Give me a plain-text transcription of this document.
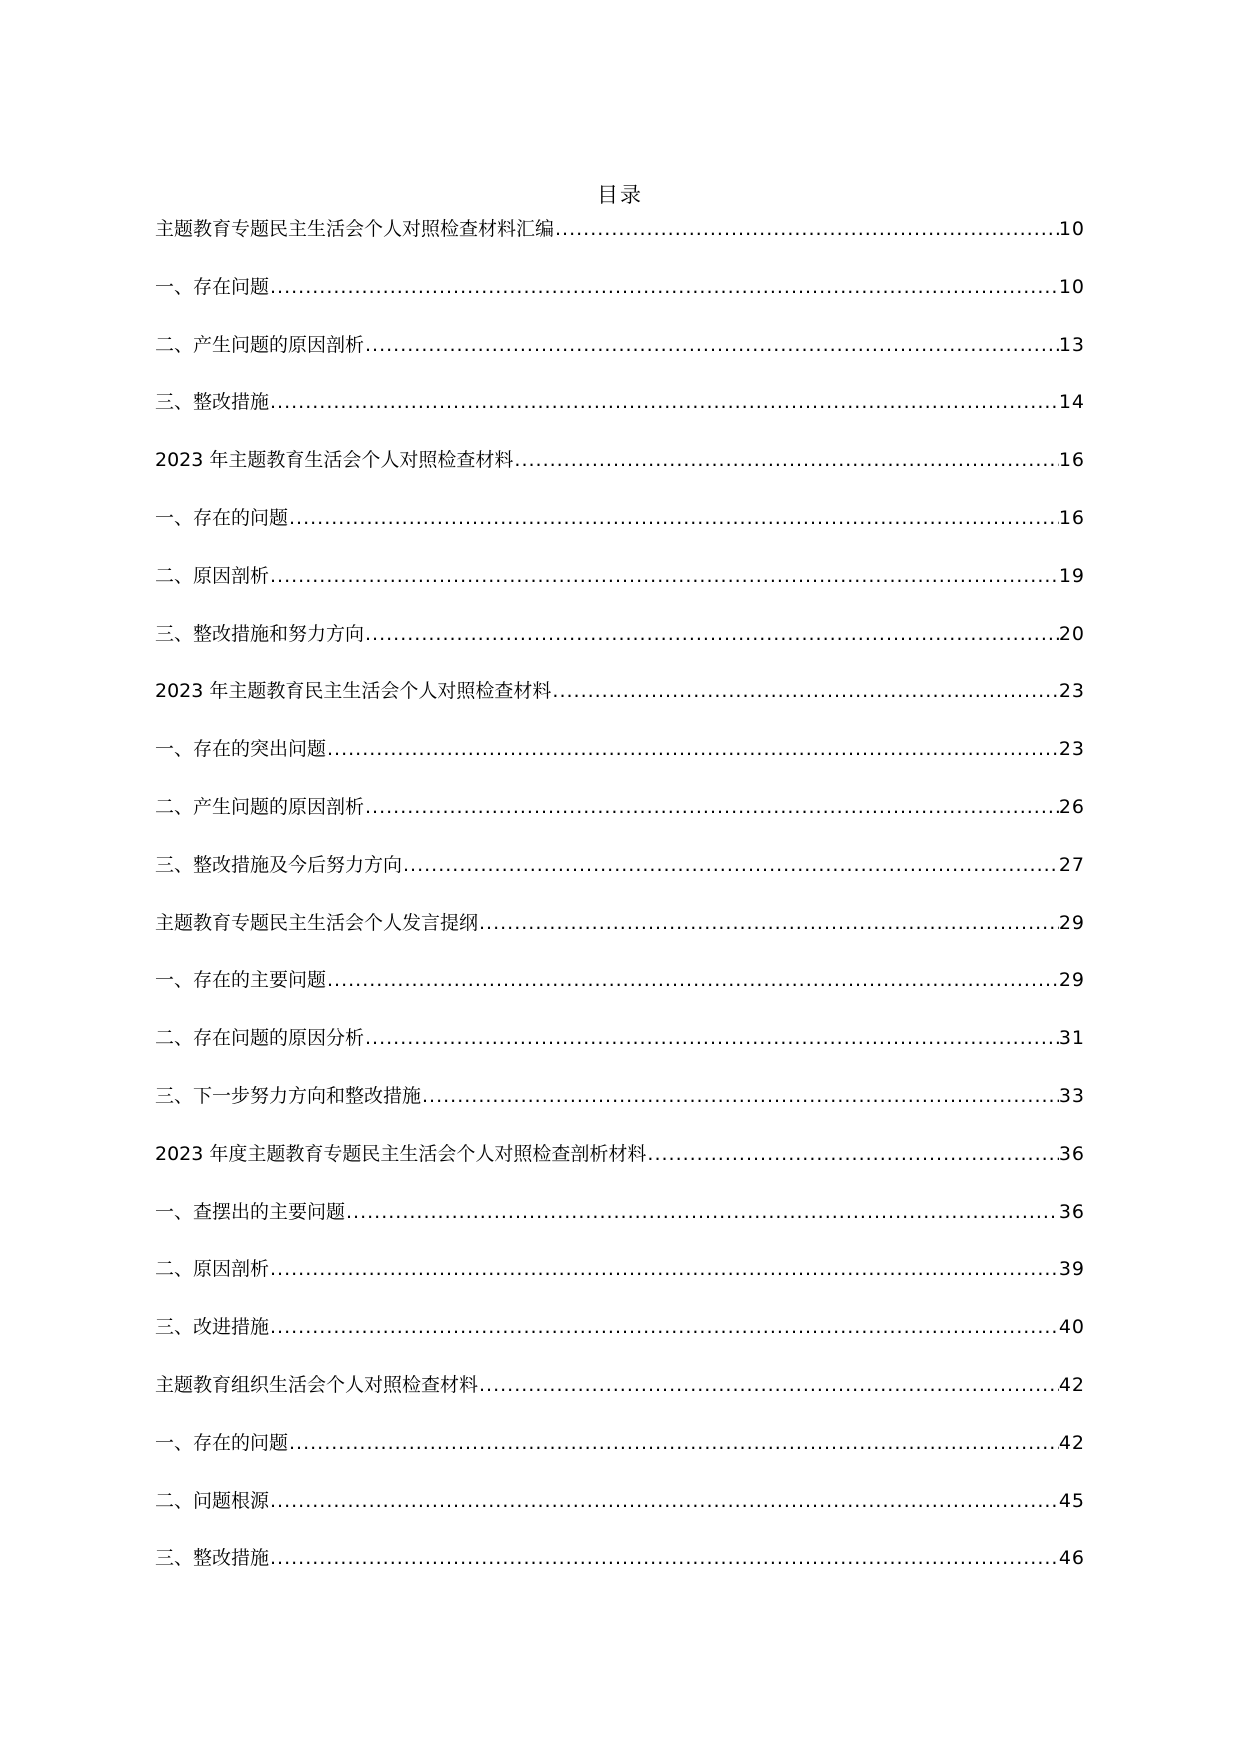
目录
主题教育专题民主生活会个人对照检查材料汇编 .....	10
一、存在问题 .....	10
二、产生问题的原因剖析 .....	13
三、整改措施 .....	14
2023 年主题教育生活会个人对照检查材料 .....	16
一、存在的问题 .....	16
二、原因剖析 .....	19
三、整改措施和努力方向 .....	20
2023 年主题教育民主生活会个人对照检查材料 .....	23
一、存在的突出问题 .....	23
二、产生问题的原因剖析 .....	26
三、整改措施及今后努力方向 .....	27
主题教育专题民主生活会个人发言提纲 .....	29
一、存在的主要问题 .....	29
二、存在问题的原因分析 .....	31
三、下一步努力方向和整改措施 .....	33
2023 年度主题教育专题民主生活会个人对照检查剖析材料 .....	36
一、查摆出的主要问题 .....	36
二、原因剖析 .....	39
三、改进措施 .....	40
主题教育组织生活会个人对照检查材料 .....	42
一、存在的问题 .....	42
二、问题根源 .....	45
三、整改措施 .....	46
